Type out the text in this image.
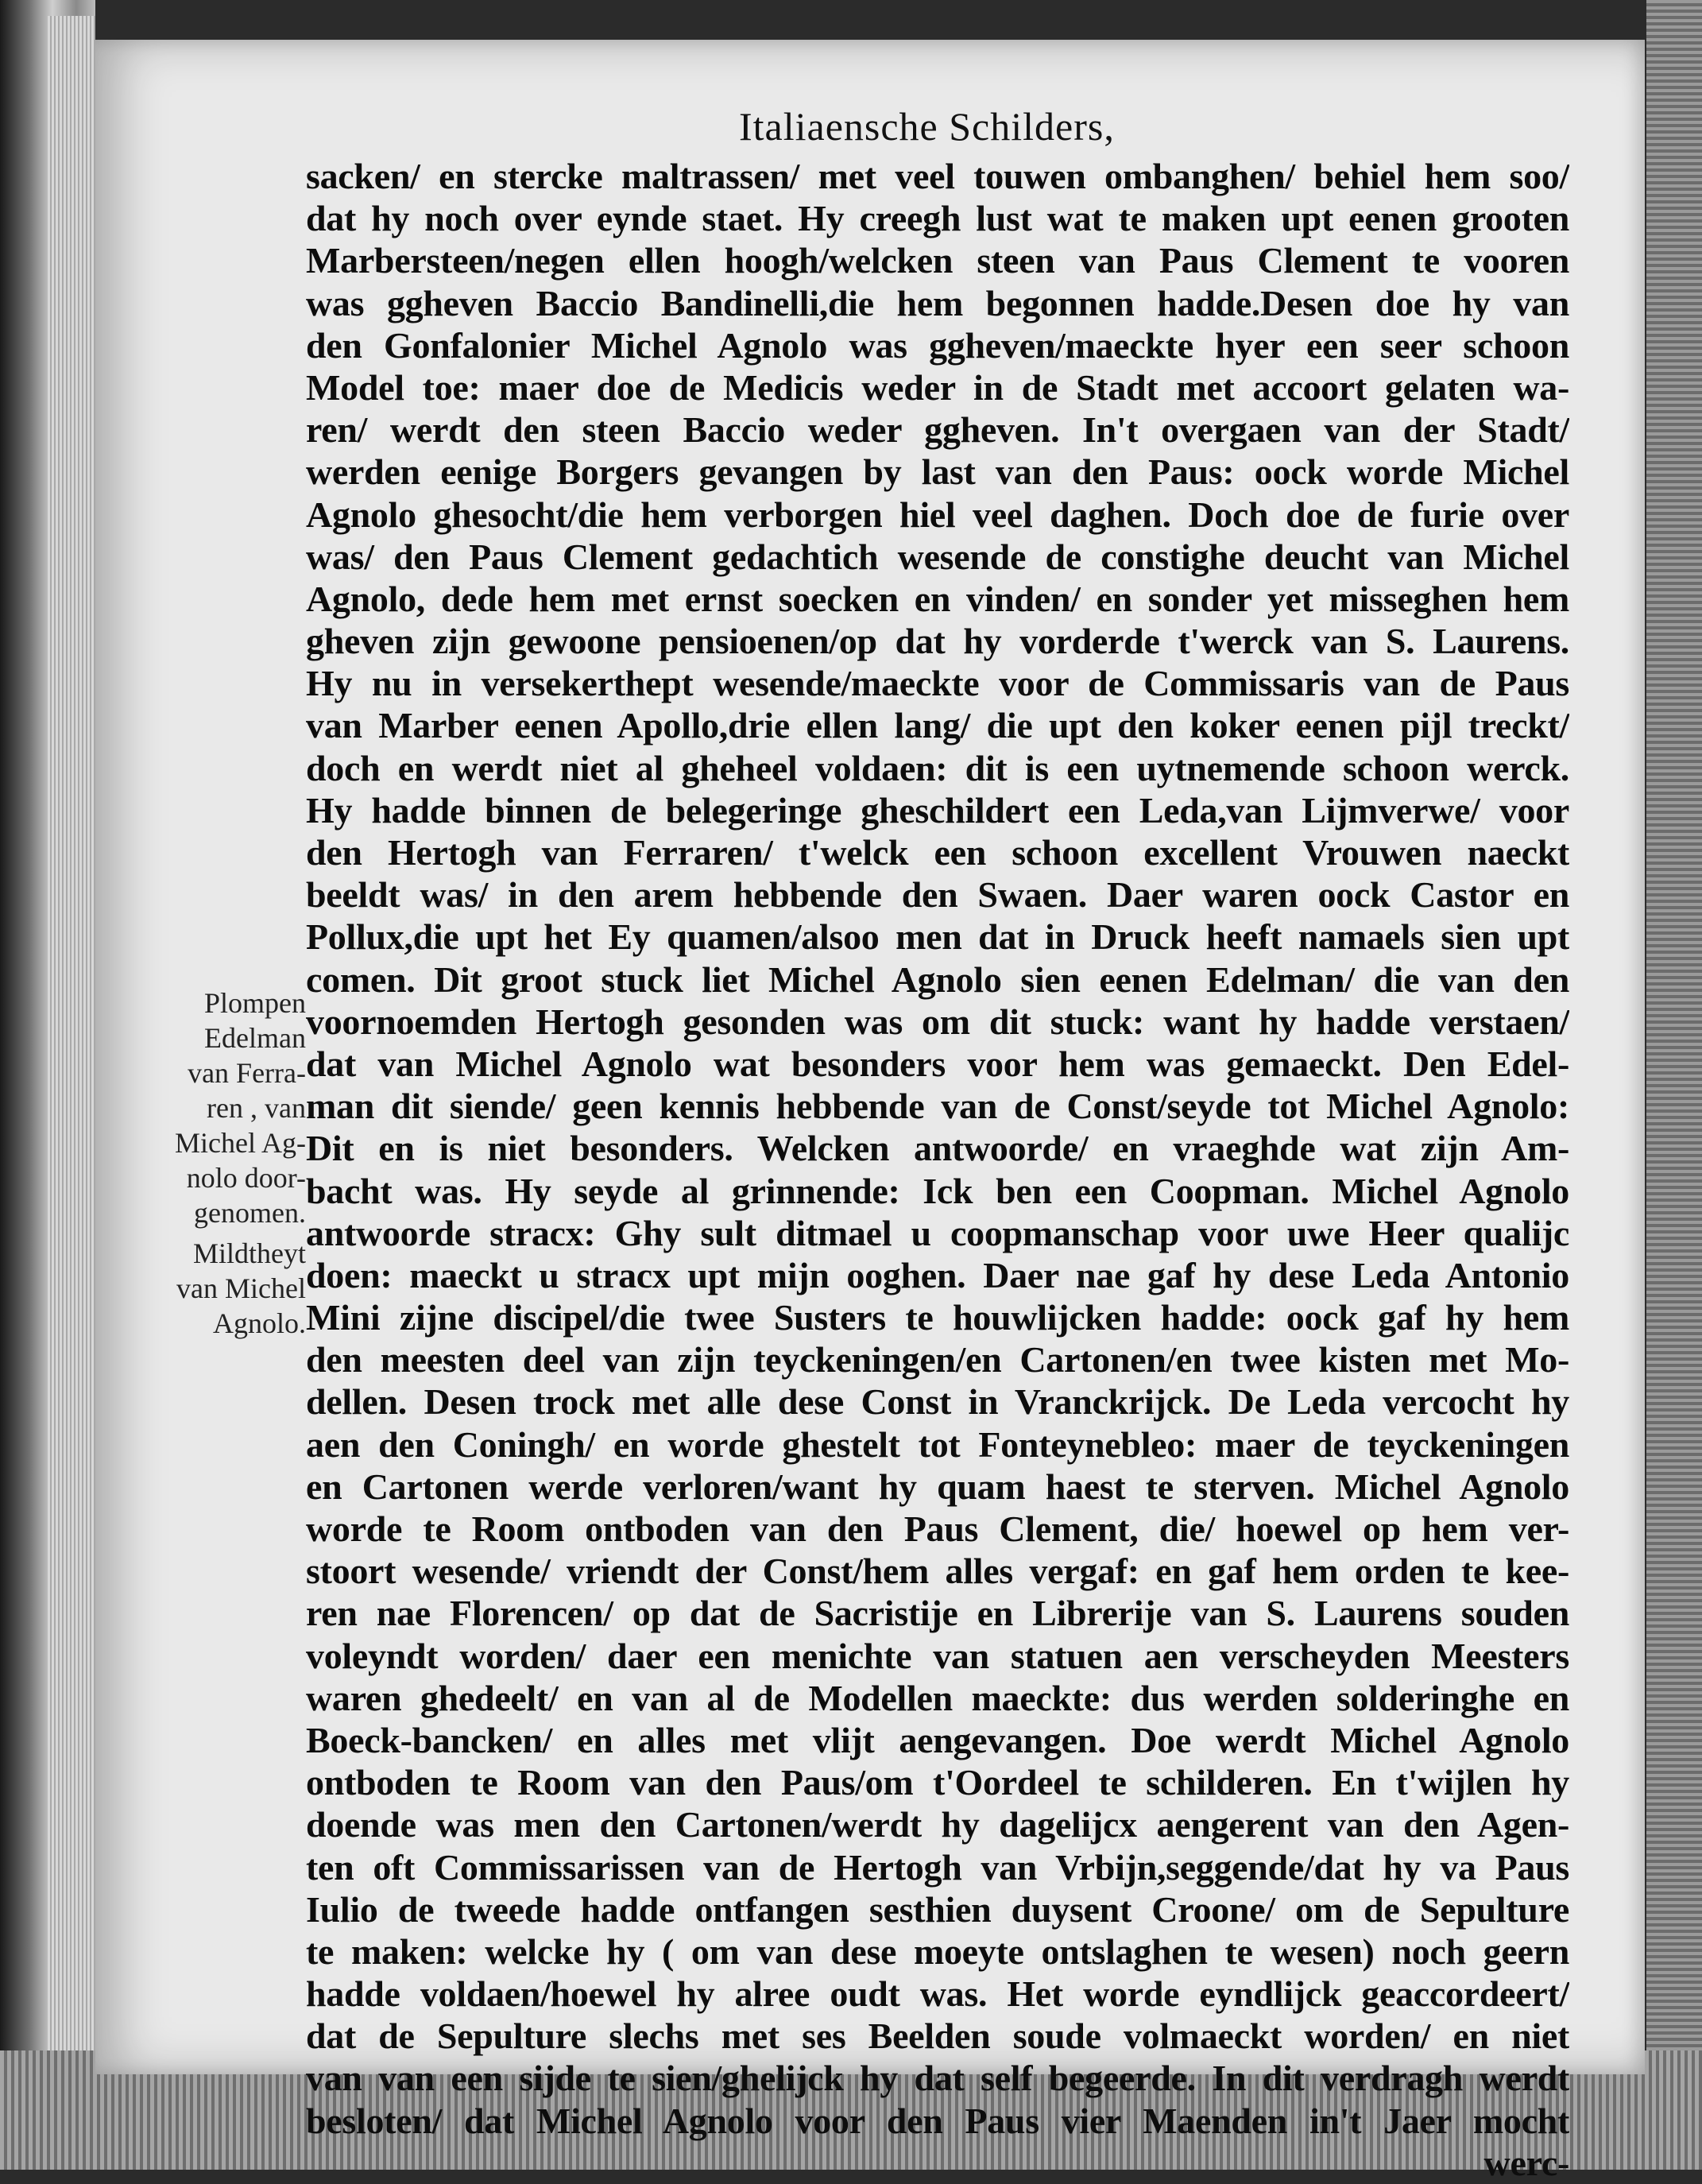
Italiaensche Schilders,
sacken/ en stercke maltrassen/ met veel touwen ombanghen/ behiel hem soo/
dat hy noch over eynde staet. Hy creegh lust wat te maken upt eenen grooten
Marbersteen/negen ellen hoogh/welcken steen van Paus Clement te vooren
was ggheven Baccio Bandinelli,die hem begonnen hadde.Desen doe hy van
den Gonfalonier Michel Agnolo was ggheven/maeckte hyer een seer schoon
Model toe: maer doe de Medicis weder in de Stadt met accoort gelaten wa-
ren/ werdt den steen Baccio weder ggheven. In't overgaen van der Stadt/
werden eenige Borgers gevangen by last van den Paus: oock worde Michel
Agnolo ghesocht/die hem verborgen hiel veel daghen. Doch doe de furie over
was/ den Paus Clement gedachtich wesende de constighe deucht van Michel
Agnolo, dede hem met ernst soecken en vinden/ en sonder yet misseghen hem
gheven zijn gewoone pensioenen/op dat hy vorderde t'werck van S. Laurens.
Hy nu in versekerthept wesende/maeckte voor de Commissaris van de Paus
van Marber eenen Apollo,drie ellen lang/ die upt den koker eenen pijl treckt/
doch en werdt niet al gheheel voldaen: dit is een uytnemende schoon werck.
Hy hadde binnen de belegeringe gheschildert een Leda,van Lijmverwe/ voor
den Hertogh van Ferraren/ t'welck een schoon excellent Vrouwen naeckt
beeldt was/ in den arem hebbende den Swaen. Daer waren oock Castor en
Pollux,die upt het Ey quamen/alsoo men dat in Druck heeft namaels sien upt
comen. Dit groot stuck liet Michel Agnolo sien eenen Edelman/ die van den
voornoemden Hertogh gesonden was om dit stuck: want hy hadde verstaen/
dat van Michel Agnolo wat besonders voor hem was gemaeckt. Den Edel-
man dit siende/ geen kennis hebbende van de Const/seyde tot Michel Agnolo:
Dit en is niet besonders. Welcken antwoorde/ en vraeghde wat zijn Am-
bacht was. Hy seyde al grinnende: Ick ben een Coopman. Michel Agnolo
antwoorde stracx: Ghy sult ditmael u coopmanschap voor uwe Heer qualijc
doen: maeckt u stracx upt mijn ooghen. Daer nae gaf hy dese Leda Antonio
Mini zijne discipel/die twee Susters te houwlijcken hadde: oock gaf hy hem
den meesten deel van zijn teyckeningen/en Cartonen/en twee kisten met Mo-
dellen. Desen trock met alle dese Const in Vranckrijck. De Leda vercocht hy
aen den Coningh/ en worde ghestelt tot Fonteynebleo: maer de teyckeningen
en Cartonen werde verloren/want hy quam haest te sterven. Michel Agnolo
worde te Room ontboden van den Paus Clement, die/ hoewel op hem ver-
stoort wesende/ vriendt der Const/hem alles vergaf: en gaf hem orden te kee-
ren nae Florencen/ op dat de Sacristije en Librerije van S. Laurens souden
voleyndt worden/ daer een menichte van statuen aen verscheyden Meesters
waren ghedeelt/ en van al de Modellen maeckte: dus werden solderinghe en
Boeck-bancken/ en alles met vlijt aengevangen. Doe werdt Michel Agnolo
ontboden te Room van den Paus/om t'Oordeel te schilderen. En t'wijlen hy
doende was men den Cartonen/werdt hy dagelijcx aengerent van den Agen-
ten oft Commissarissen van de Hertogh van Vrbijn,seggende/dat hy va Paus
Iulio de tweede hadde ontfangen sesthien duysent Croone/ om de Sepulture
te maken: welcke hy ( om van dese moeyte ontslaghen te wesen) noch geern
hadde voldaen/hoewel hy alree oudt was. Het worde eyndlijck geaccordeert/
dat de Sepulture slechs met ses Beelden soude volmaeckt worden/ en niet
van van een sijde te sien/ghelijck hy dat self begeerde. In dit verdragh werdt
besloten/ dat Michel Agnolo voor den Paus vier Maenden in't Jaer mocht
werc-
Plompen
Edelman
van Ferra-
ren , van
Michel Ag-
nolo door-
genomen.
Mildtheyt
van Michel
Agnolo.
